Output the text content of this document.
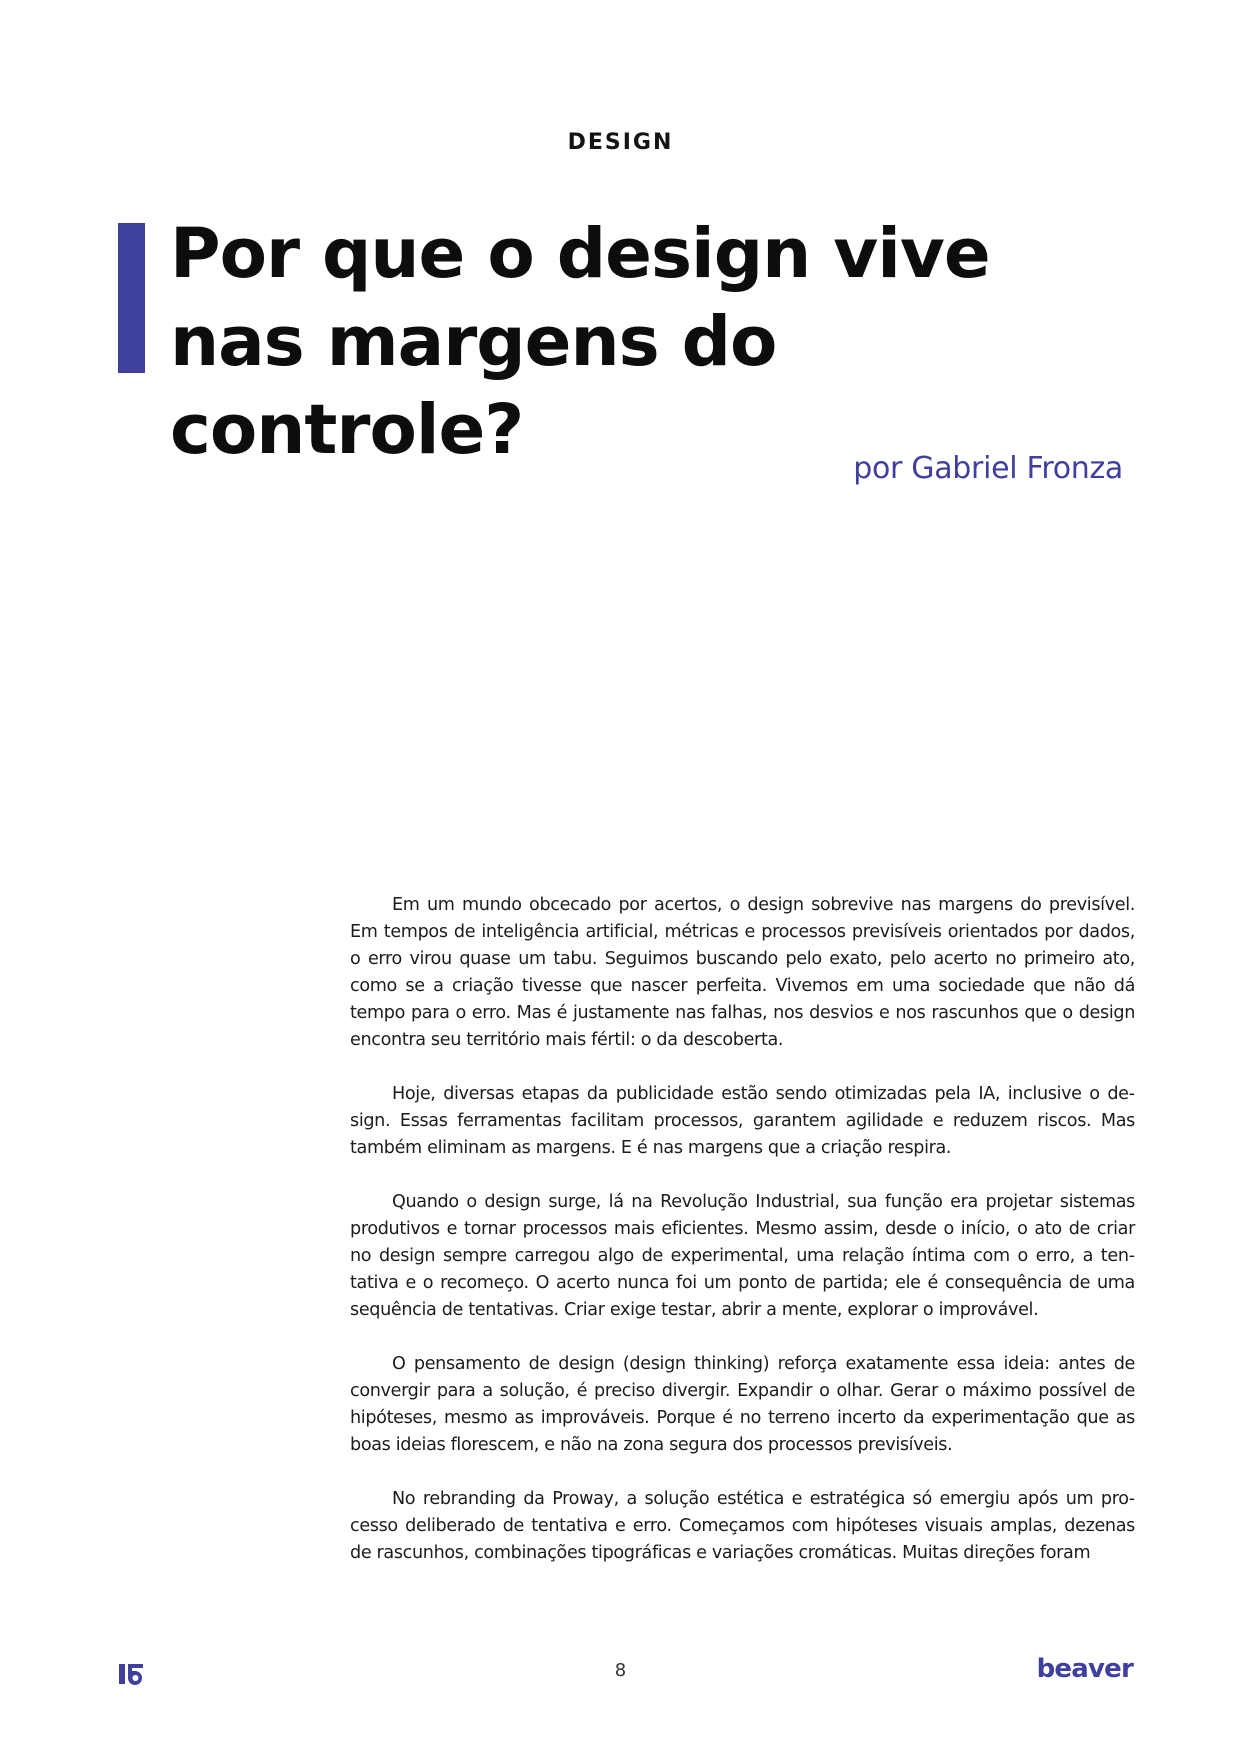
DESIGN
Por que o design vive nas margens do controle?	por Gabriel Fronza

Em um mundo obcecado por acertos, o design sobrevive nas margens do previsível. Em tempos de inteligência artificial, métricas e processos previsíveis orientados por dados, o erro virou quase um tabu. Seguimos buscando pelo exato, pelo acerto no primeiro ato, como se a criação tivesse que nascer perfeita. Vivemos em uma sociedade que não dá tempo para o erro. Mas é justamente nas falhas, nos desvios e nos rascunhos que o design encontra seu território mais fértil: o da descoberta.

Hoje, diversas etapas da publicidade estão sendo otimizadas pela IA, inclusive o design. Essas ferramentas facilitam processos, garantem agilidade e reduzem riscos. Mas também eliminam as margens. E é nas margens que a criação respira.

Quando o design surge, lá na Revolução Industrial, sua função era projetar sistemas produtivos e tornar processos mais eficientes. Mesmo assim, desde o início, o ato de criar no design sempre carregou algo de experimental, uma relação íntima com o erro, a tentativa e o recomeço. O acerto nunca foi um ponto de partida; ele é consequência de uma sequência de tentativas. Criar exige testar, abrir a mente, explorar o improvável.

O pensamento de design (design thinking) reforça exatamente essa ideia: antes de convergir para a solução, é preciso divergir. Expandir o olhar. Gerar o máximo possível de hipóteses, mesmo as improváveis. Porque é no terreno incerto da experimentação que as boas ideias florescem, e não na zona segura dos processos previsíveis.

No rebranding da Proway, a solução estética e estratégica só emergiu após um processo deliberado de tentativa e erro. Começamos com hipóteses visuais amplas, dezenas de rascunhos, combinações tipográficas e variações cromáticas. Muitas direções foram

8	beaver
